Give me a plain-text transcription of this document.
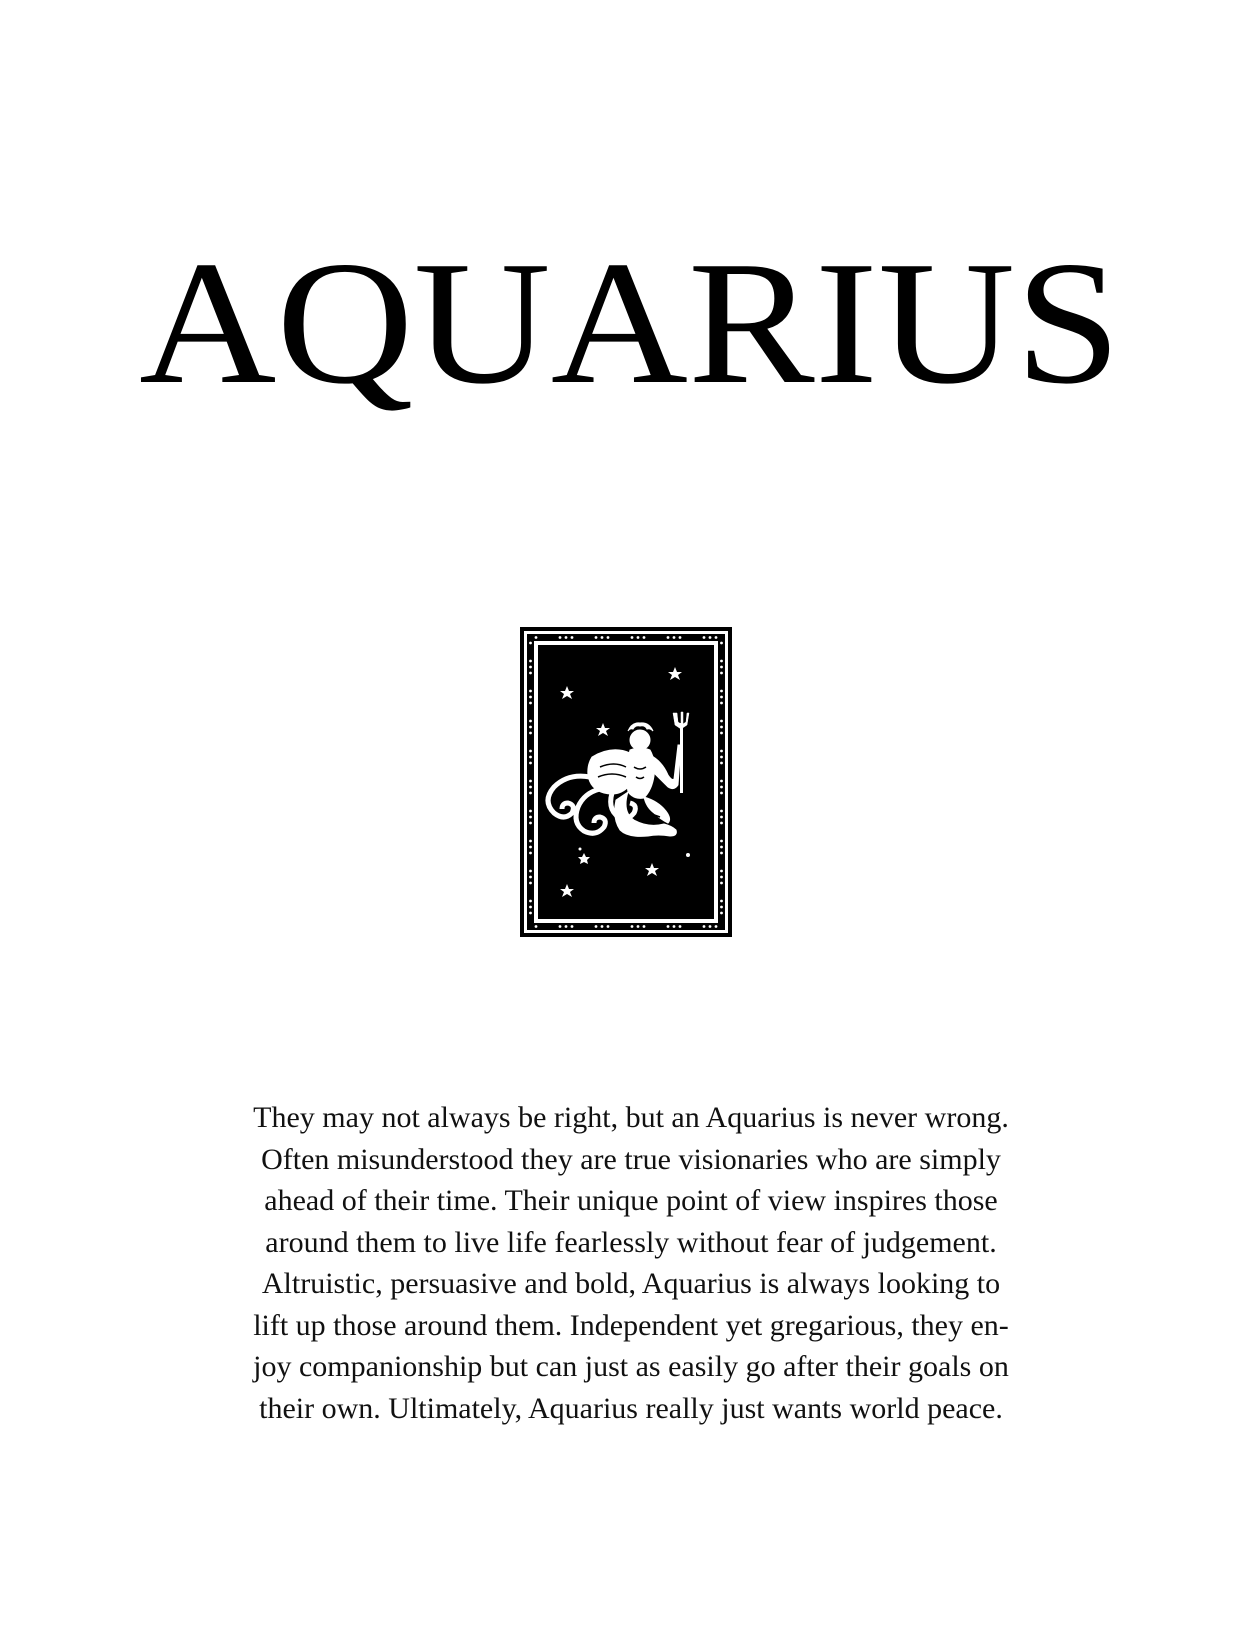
AQUARIUS
They may not always be right, but an Aquarius is never wrong.
Often misunderstood they are true visionaries who are simply
ahead of their time. Their unique point of view inspires those
around them to live life fearlessly without fear of judgement.
Altruistic, persuasive and bold, Aquarius is always looking to
lift up those around them. Independent yet gregarious, they en-
joy companionship but can just as easily go after their goals on
their own. Ultimately, Aquarius really just wants world peace.
